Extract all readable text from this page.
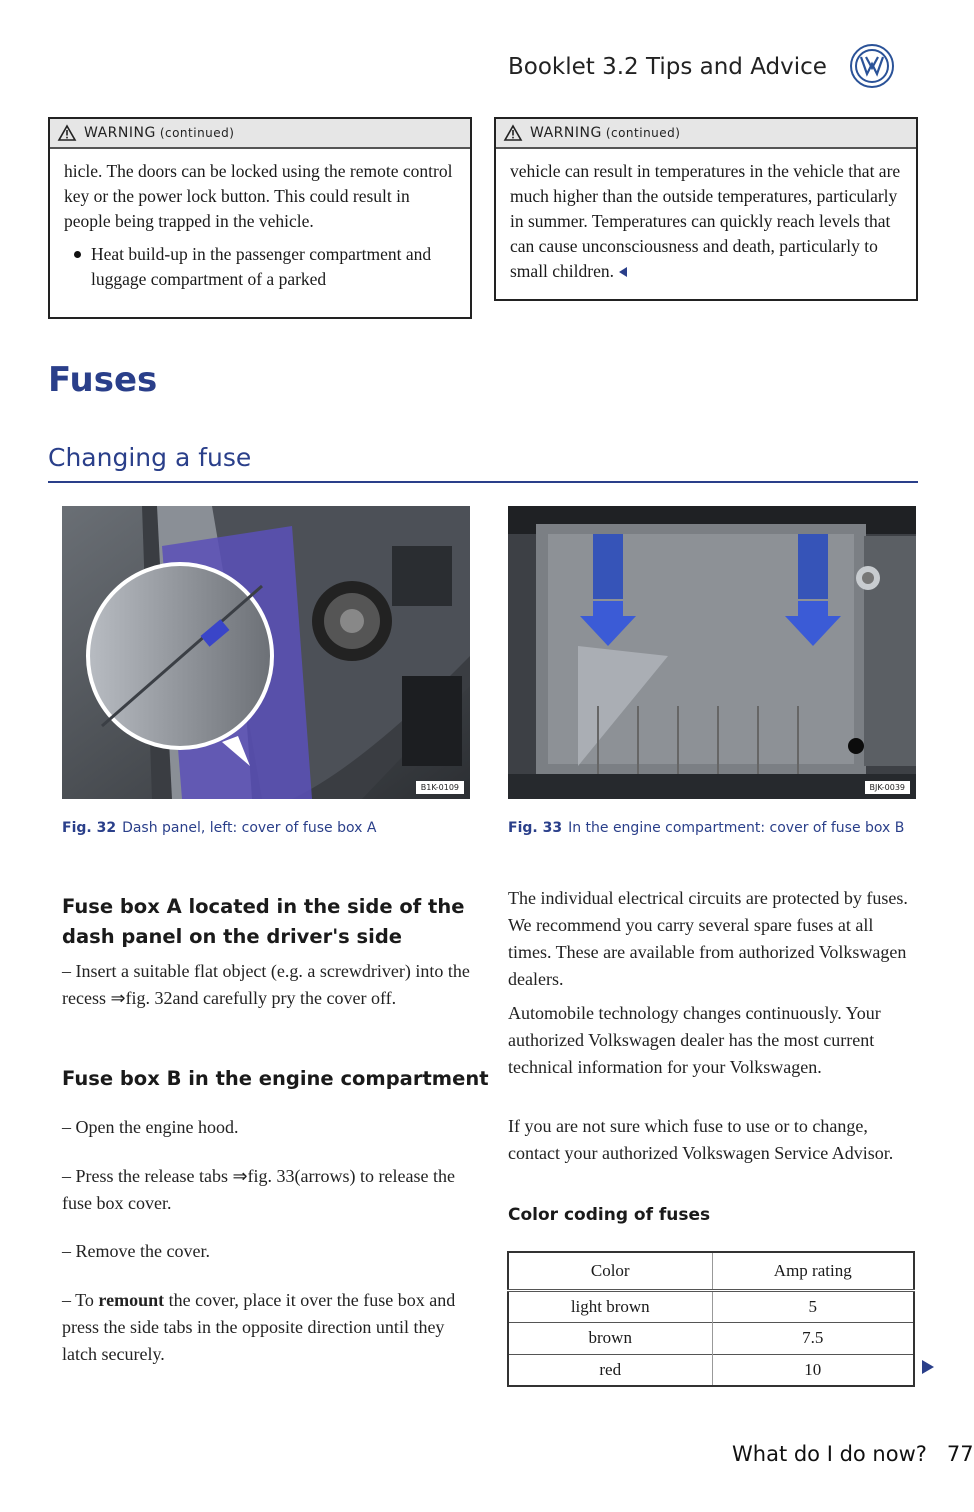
Booklet 3.2 Tips and Advice
WARNING (continued)

hicle. The doors can be locked using the remote control key or the power lock button. This could result in people being trapped in the vehicle.

Heat build-up in the passenger compartment and luggage compartment of a parked
WARNING (continued)

vehicle can result in temperatures in the vehicle that are much higher than the outside temperatures, particularly in summer. Temperatures can quickly reach levels that can cause unconsciousness and death, particularly to small children.

Fuses
Changing a fuse
B1K-0109
Fig. 32 Dash panel, left: cover of fuse box A
BJK-0039
Fig. 33 In the engine compartment: cover of fuse box B
Fuse box A located in the side of the dash panel on the driver's side
– Insert a suitable flat object (e.g. a screwdriver) into the recess ⇒fig. 32and carefully pry the cover off.
Fuse box B in the engine compartment
– Open the engine hood.
– Press the release tabs ⇒fig. 33(arrows) to release the fuse box cover.
– Remove the cover.
– To remount the cover, place it over the fuse box and press the side tabs in the opposite direction until they latch securely.
The individual electrical circuits are protected by fuses. We recommend you carry several spare fuses at all times. These are available from authorized Volkswagen dealers.
Automobile technology changes continuously. Your authorized Volkswagen dealer has the most current technical information for your Volkswagen.
If you are not sure which fuse to use or to change, contact your authorized Volkswagen Service Advisor.
Color coding of fuses
Color	Amp rating
light brown	5
brown	7.5
red	10
What do I do now? 77
